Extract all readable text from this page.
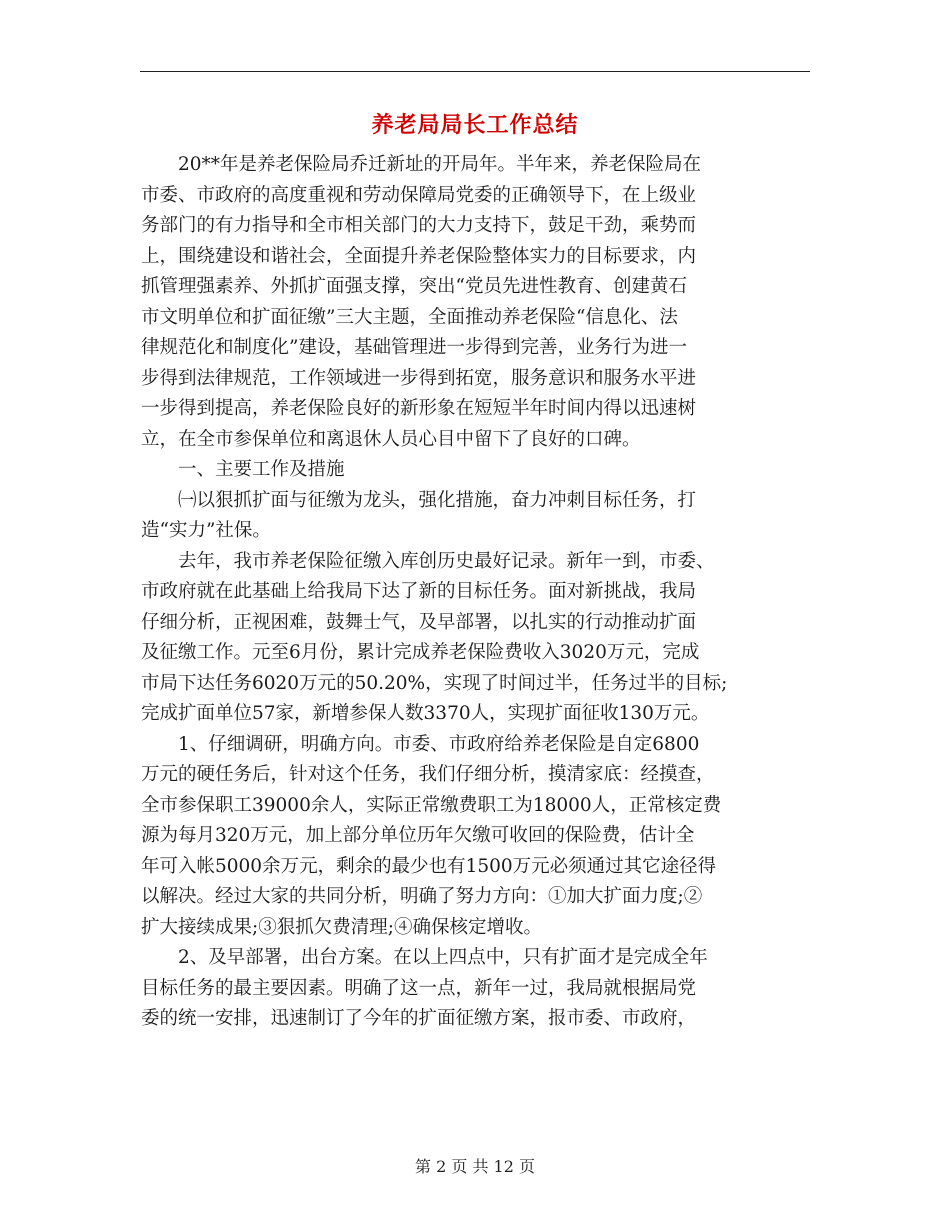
养老局局长工作总结
　　20**年是养老保险局乔迁新址的开局年。半年来，养老保险局在
市委、市政府的高度重视和劳动保障局党委的正确领导下，在上级业
务部门的有力指导和全市相关部门的大力支持下，鼓足干劲，乘势而
上，围绕建设和谐社会，全面提升养老保险整体实力的目标要求，内
抓管理强素养、外抓扩面强支撑，突出“党员先进性教育、创建黄石
市文明单位和扩面征缴”三大主题，全面推动养老保险“信息化、法
律规范化和制度化”建设，基础管理进一步得到完善，业务行为进一
步得到法律规范，工作领域进一步得到拓宽，服务意识和服务水平进
一步得到提高，养老保险良好的新形象在短短半年时间内得以迅速树
立，在全市参保单位和离退休人员心目中留下了良好的口碑。
　　一、主要工作及措施
　　㈠以狠抓扩面与征缴为龙头，强化措施，奋力冲刺目标任务，打
造“实力”社保。
　　去年，我市养老保险征缴入库创历史最好记录。新年一到，市委、
市政府就在此基础上给我局下达了新的目标任务。面对新挑战，我局
仔细分析，正视困难，鼓舞士气，及早部署，以扎实的行动推动扩面
及征缴工作。元至6月份，累计完成养老保险费收入3020万元，完成
市局下达任务6020万元的50.20%，实现了时间过半，任务过半的目标;
完成扩面单位57家，新增参保人数3370人，实现扩面征收130万元。
　　1、仔细调研，明确方向。市委、市政府给养老保险是自定6800
万元的硬任务后，针对这个任务，我们仔细分析，摸清家底：经摸查，
全市参保职工39000余人，实际正常缴费职工为18000人，正常核定费
源为每月320万元，加上部分单位历年欠缴可收回的保险费，估计全
年可入帐5000余万元，剩余的最少也有1500万元必须通过其它途径得
以解决。经过大家的共同分析，明确了努力方向：①加大扩面力度;②
扩大接续成果;③狠抓欠费清理;④确保核定增收。
　　2、及早部署，出台方案。在以上四点中，只有扩面才是完成全年
目标任务的最主要因素。明确了这一点，新年一过，我局就根据局党
委的统一安排，迅速制订了今年的扩面征缴方案，报市委、市政府，
第 2 页 共 12 页
